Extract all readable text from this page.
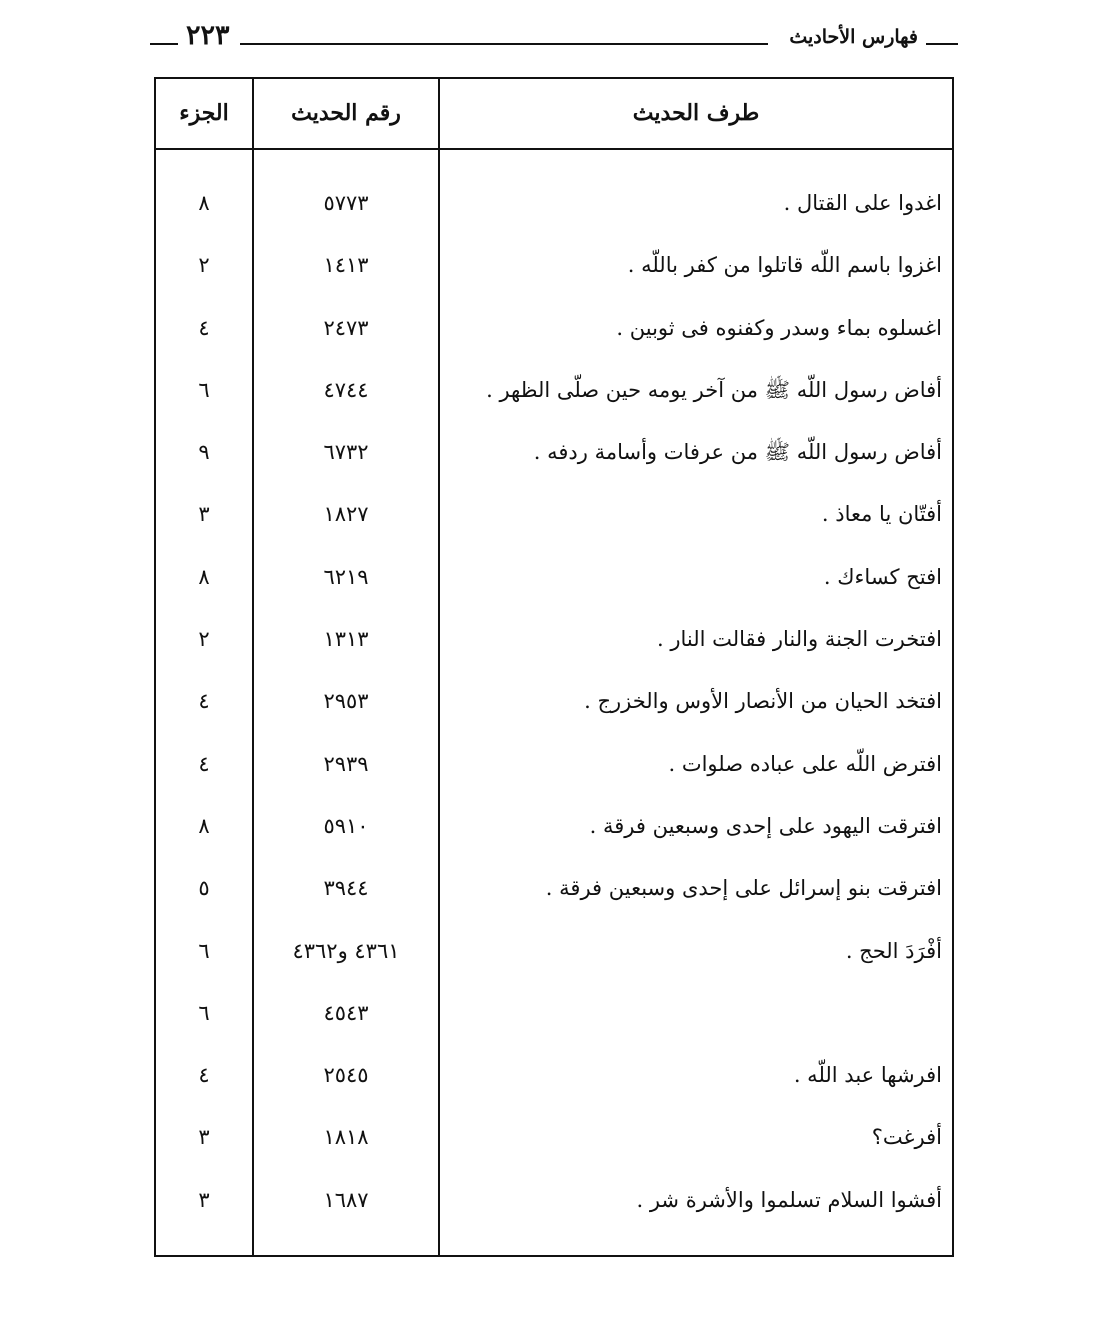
فهارس الأحاديث
٢٢٣
طرف الحديث
رقم الحديث
الجزء
اغدوا على القتال .
٥٧٧٣
٨
اغزوا باسم اللّه قاتلوا من كفر باللّه .
١٤١٣
٢
اغسلوه بماء وسدر وكفنوه فى ثوبين .
٢٤٧٣
٤
أفاض رسول اللّه ﷺ من آخر يومه حين صلّى الظهر .
٤٧٤٤
٦
أفاض رسول اللّه ﷺ من عرفات وأسامة ردفه .
٦٧٣٢
٩
أفتّان يا معاذ .
١٨٢٧
٣
افتح كساءك .
٦٢١٩
٨
افتخرت الجنة والنار فقالت النار .
١٣١٣
٢
افتخد الحيان من الأنصار الأوس والخزرج .
٢٩٥٣
٤
افترض اللّه على عباده صلوات .
٢٩٣٩
٤
افترقت اليهود على إحدى وسبعين فرقة .
٥٩١٠
٨
افترقت بنو إسرائل على إحدى وسبعين فرقة .
٣٩٤٤
٥
أفْرَدَ الحج .
٤٣٦١ و٤٣٦٢
٦
٤٥٤٣
٦
افرشها عبد اللّه .
٢٥٤٥
٤
أفرغت؟
١٨١٨
٣
أفشوا السلام تسلموا والأشرة شر .
١٦٨٧
٣
